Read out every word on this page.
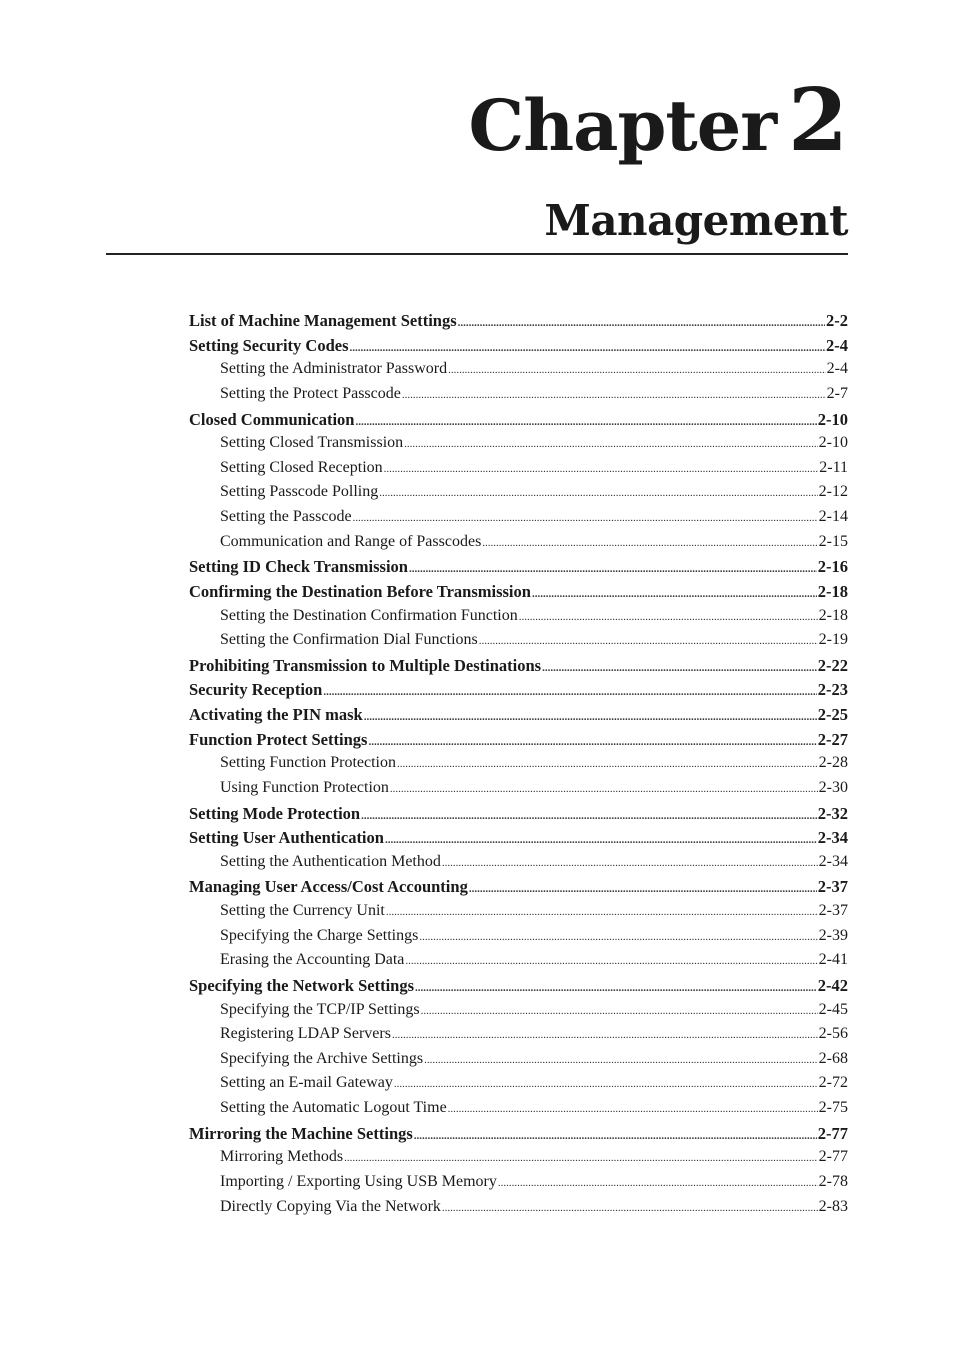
Chapter 2
Management
List of Machine Management Settings .....	2-2
Setting Security Codes .....	2-4
Setting the Administrator Password .....	2-4
Setting the Protect Passcode .....	2-7
Closed Communication .....	2-10
Setting Closed Transmission .....	2-10
Setting Closed Reception .....	2-11
Setting Passcode Polling .....	2-12
Setting the Passcode .....	2-14
Communication and Range of Passcodes .....	2-15
Setting ID Check Transmission .....	2-16
Confirming the Destination Before Transmission .....	2-18
Setting the Destination Confirmation Function .....	2-18
Setting the Confirmation Dial Functions .....	2-19
Prohibiting Transmission to Multiple Destinations .....	2-22
Security Reception .....	2-23
Activating the PIN mask .....	2-25
Function Protect Settings .....	2-27
Setting Function Protection .....	2-28
Using Function Protection .....	2-30
Setting Mode Protection .....	2-32
Setting User Authentication .....	2-34
Setting the Authentication Method .....	2-34
Managing User Access/Cost Accounting .....	2-37
Setting the Currency Unit .....	2-37
Specifying the Charge Settings .....	2-39
Erasing the Accounting Data .....	2-41
Specifying the Network Settings .....	2-42
Specifying the TCP/IP Settings .....	2-45
Registering LDAP Servers .....	2-56
Specifying the Archive Settings .....	2-68
Setting an E-mail Gateway .....	2-72
Setting the Automatic Logout Time .....	2-75
Mirroring the Machine Settings .....	2-77
Mirroring Methods .....	2-77
Importing / Exporting Using USB Memory .....	2-78
Directly Copying Via the Network .....	2-83
